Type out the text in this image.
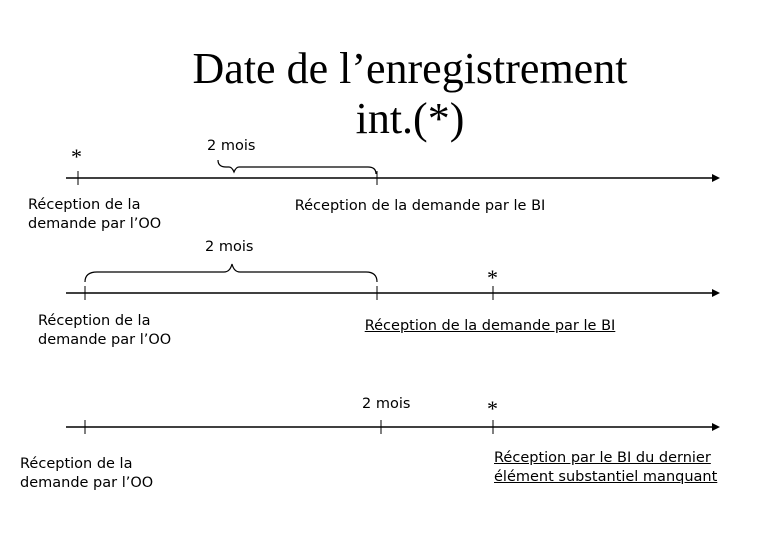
Date de l’enregistrement int.(*)
*	2 mois
Réception de la demande par l’OO
Réception de la demande par le BI
2 mois
*
Réception de la demande par l’OO
Réception de la demande par le BI
2 mois	*
Réception de la demande par l’OO
Réception par le BI du dernier élément substantiel manquant
